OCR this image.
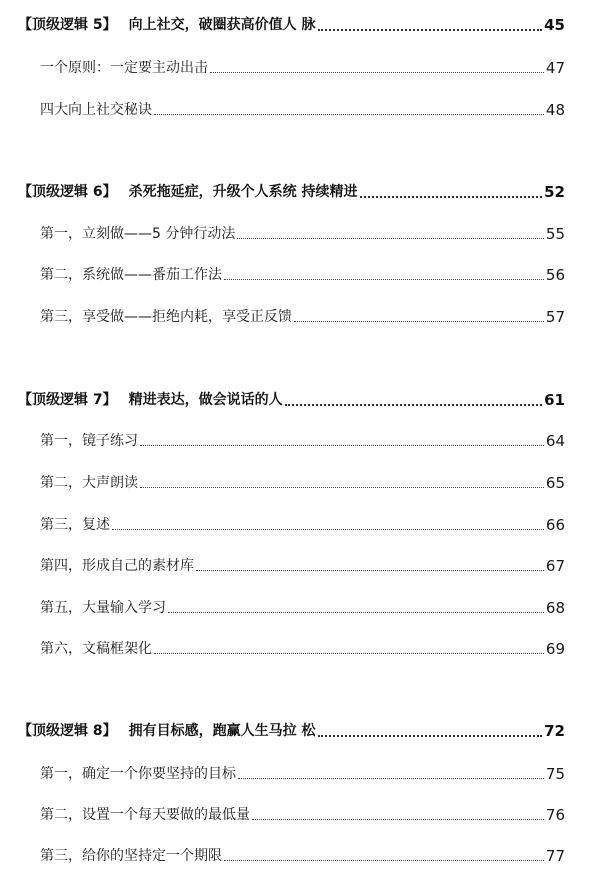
【顶级逻辑 5】 向上社交，破圈获高价值人 脉	45
一个原则：一定要主动出击	47
四大向上社交秘诀	48
【顶级逻辑 6】 杀死拖延症，升级个人系统 持续精进	52
第一，立刻做——5 分钟行动法	55
第二，系统做——番茄工作法	56
第三，享受做——拒绝内耗，享受正反馈	57
【顶级逻辑 7】 精进表达，做会说话的人	61
第一，镜子练习	64
第二，大声朗读	65
第三，复述	66
第四，形成自己的素材库	67
第五，大量输入学习	68
第六，文稿框架化	69
【顶级逻辑 8】 拥有目标感，跑赢人生马拉 松	72
第一，确定一个你要坚持的目标	75
第二，设置一个每天要做的最低量	76
第三，给你的坚持定一个期限	77
